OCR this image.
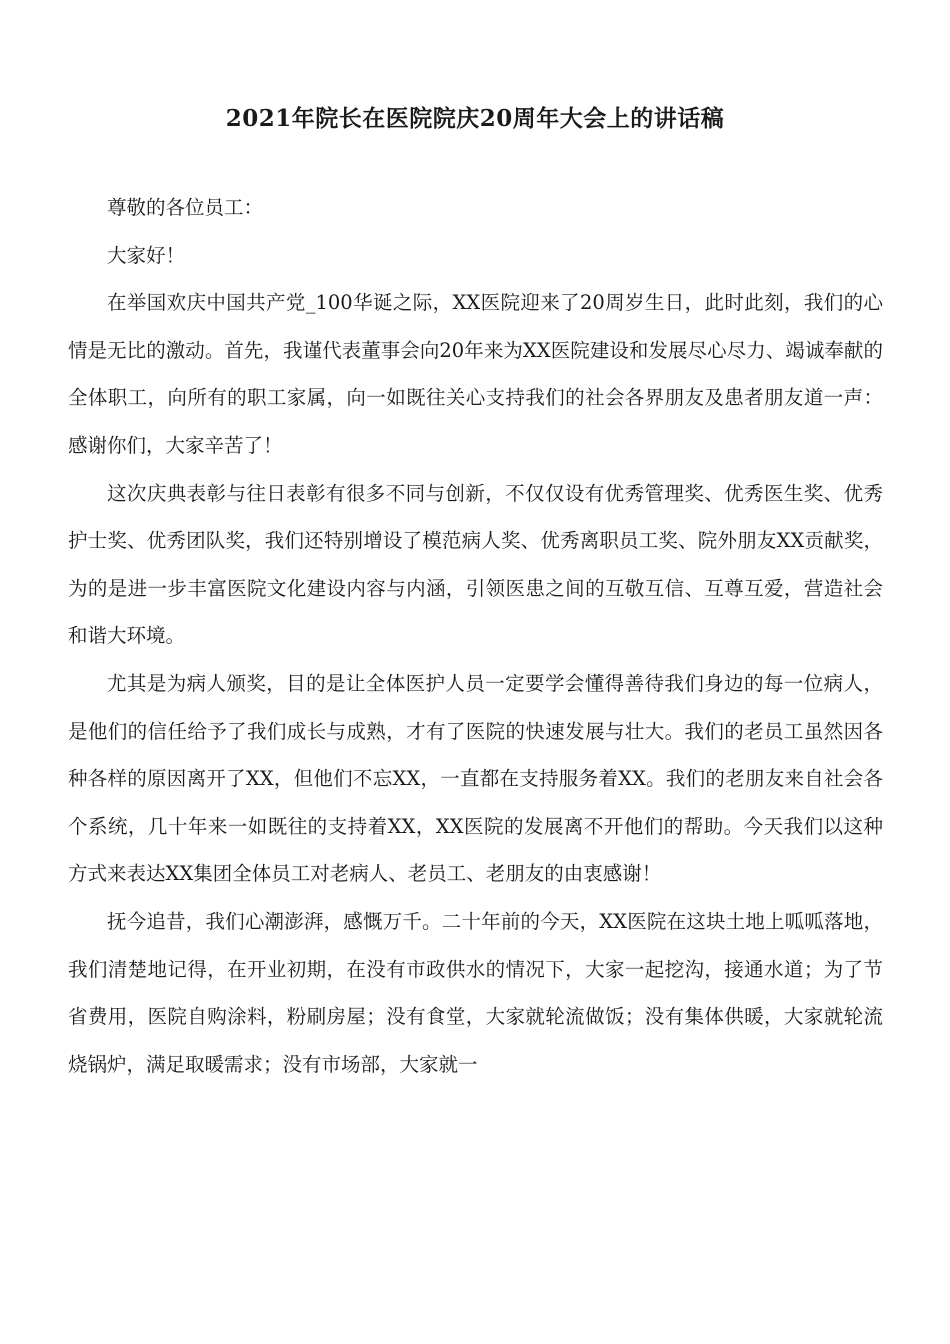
2021年院长在医院院庆20周年大会上的讲话稿

尊敬的各位员工：

大家好！

在举国欢庆中国共产党_100华诞之际，XX医院迎来了20周岁生日，此时此刻，我们的心情是无比的激动。首先，我谨代表董事会向20年来为XX医院建设和发展尽心尽力、竭诚奉献的全体职工，向所有的职工家属，向一如既往关心支持我们的社会各界朋友及患者朋友道一声：感谢你们，大家辛苦了！

这次庆典表彰与往日表彰有很多不同与创新，不仅仅设有优秀管理奖、优秀医生奖、优秀护士奖、优秀团队奖，我们还特别增设了模范病人奖、优秀离职员工奖、院外朋友XX贡献奖，为的是进一步丰富医院文化建设内容与内涵，引领医患之间的互敬互信、互尊互爱，营造社会和谐大环境。

尤其是为病人颁奖，目的是让全体医护人员一定要学会懂得善待我们身边的每一位病人，是他们的信任给予了我们成长与成熟，才有了医院的快速发展与壮大。我们的老员工虽然因各种各样的原因离开了XX，但他们不忘XX，一直都在支持服务着XX。我们的老朋友来自社会各个系统，几十年来一如既往的支持着XX，XX医院的发展离不开他们的帮助。今天我们以这种方式来表达XX集团全体员工对老病人、老员工、老朋友的由衷感谢！

抚今追昔，我们心潮澎湃，感慨万千。二十年前的今天，XX医院在这块土地上呱呱落地，我们清楚地记得，在开业初期，在没有市政供水的情况下，大家一起挖沟，接通水道；为了节省费用，医院自购涂料，粉刷房屋；没有食堂，大家就轮流做饭；没有集体供暖，大家就轮流烧锅炉，满足取暖需求；没有市场部，大家就一
